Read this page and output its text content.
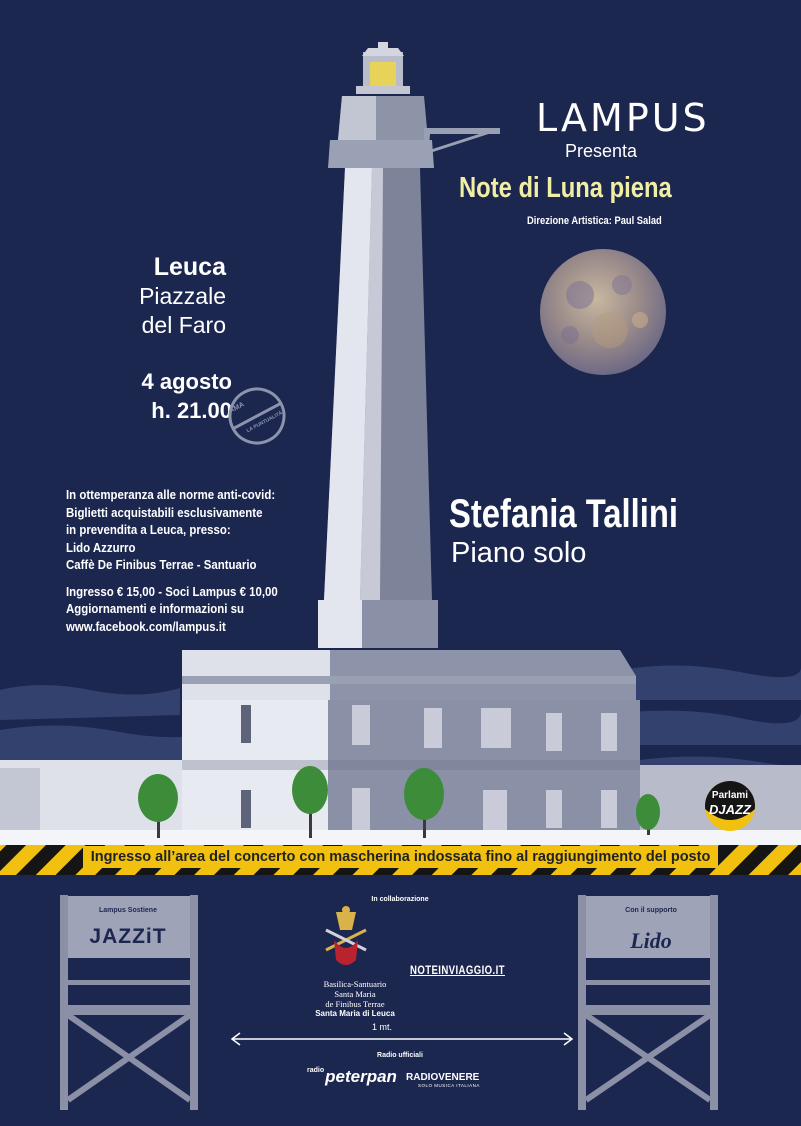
LAMPUS
Presenta
Note di Luna piena
Direzione Artistica: Paul Salad
Leuca
Piazzale
del Faro
4 agosto
h. 21.00
AMA
LA PUNTUALITÀ
In ottemperanza alle norme anti-covid:
Biglietti acquistabili esclusivamente
in prevendita a Leuca, presso:
Lido Azzurro
Caffè De Finibus Terrae - Santuario
Ingresso € 15,00 - Soci Lampus € 10,00
Aggiornamenti e informazioni su
www.facebook.com/lampus.it
Stefania Tallini
Piano solo
Parlami
DJAZZ
Ingresso all’area del concerto con mascherina indossata fino al raggiungimento del posto
In collaborazione
Lampus Sostiene
JAZZiT
Con il supporto
Lido
Basilica-Santuario
Santa Maria
de Finibus Terrae
Santa Maria di Leuca
NOTEINVIAGGIO.IT
1 mt.
Radio ufficiali
$^{radio}$peterpan RADIOVENERE
SOLO MUSICA ITALIANA
